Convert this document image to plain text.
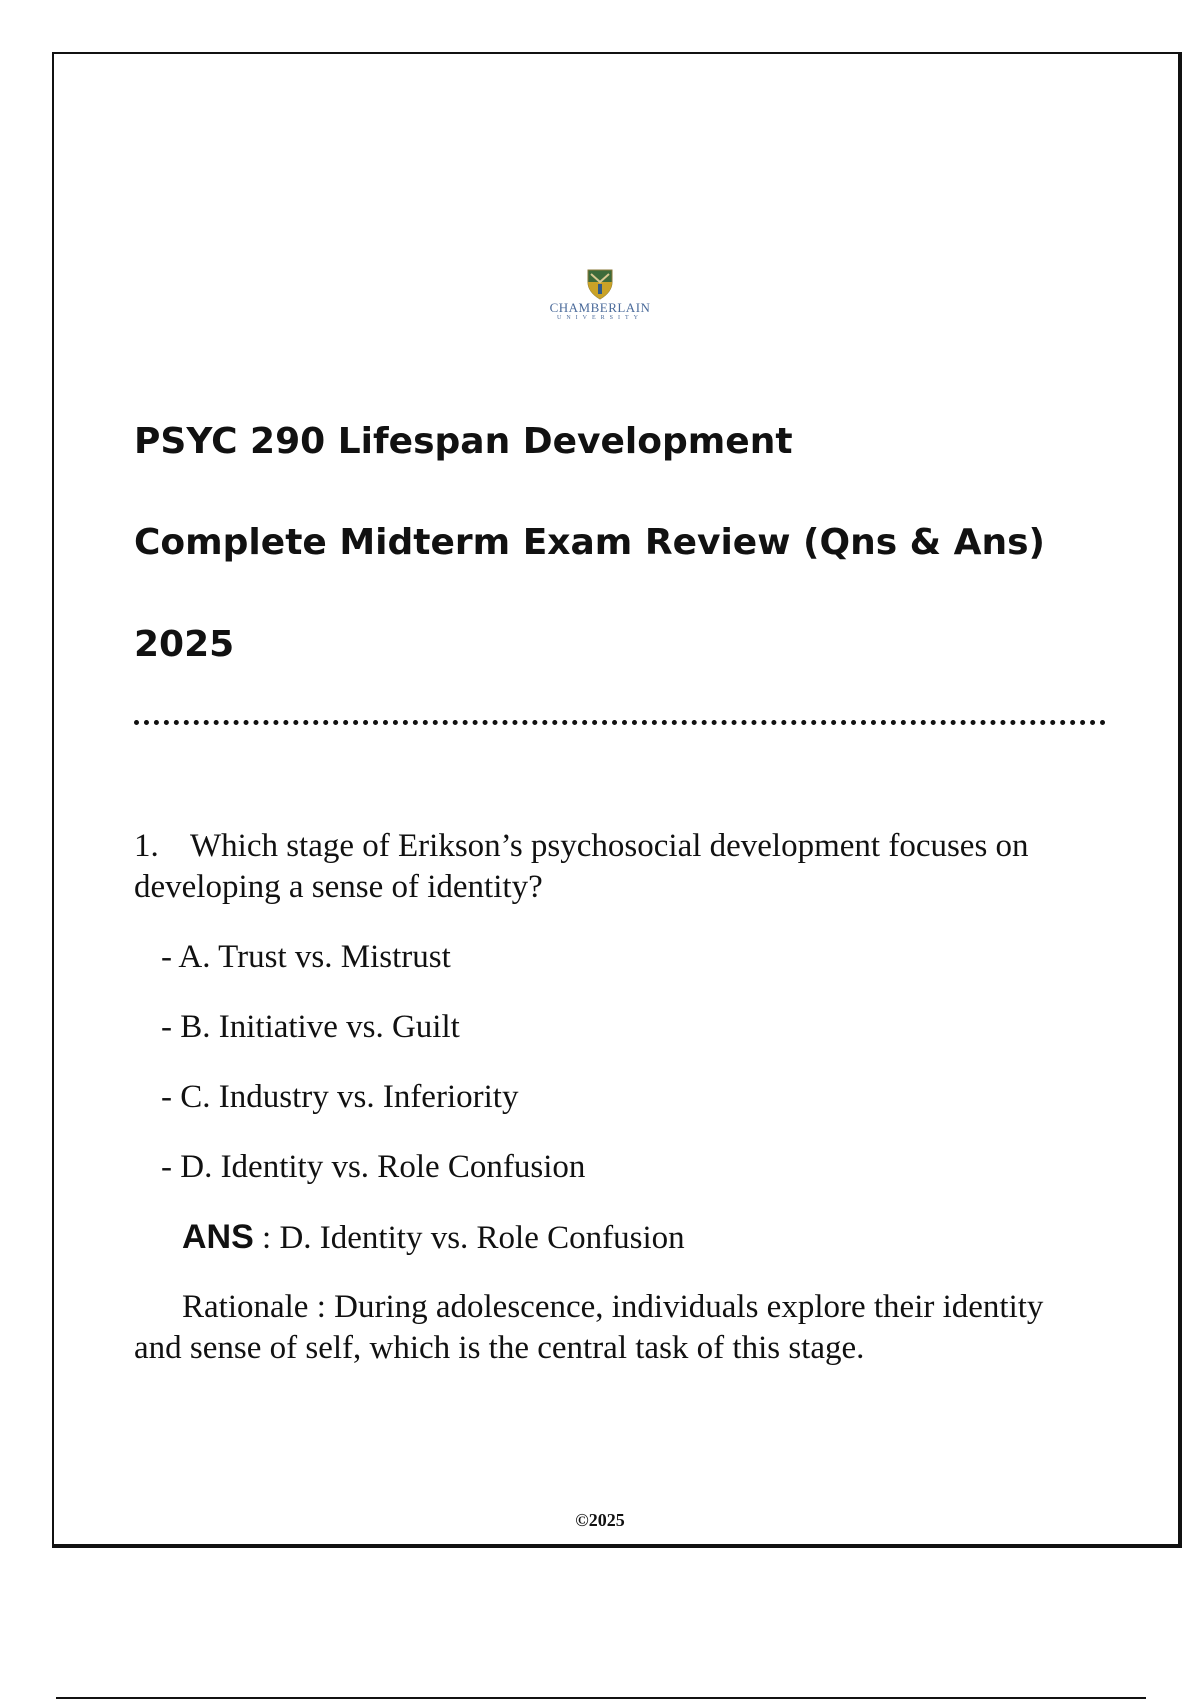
CHAMBERLAIN
UNIVERSITY
PSYC 290 Lifespan Development
Complete Midterm Exam Review (Qns & Ans)
2025
1. Which stage of Erikson’s psychosocial development focuses on developing a sense of identity?
- A. Trust vs. Mistrust
- B. Initiative vs. Guilt
- C. Industry vs. Inferiority
- D. Identity vs. Role Confusion
ANS : D. Identity vs. Role Confusion
Rationale : During adolescence, individuals explore their identity and sense of self, which is the central task of this stage.
©2025
